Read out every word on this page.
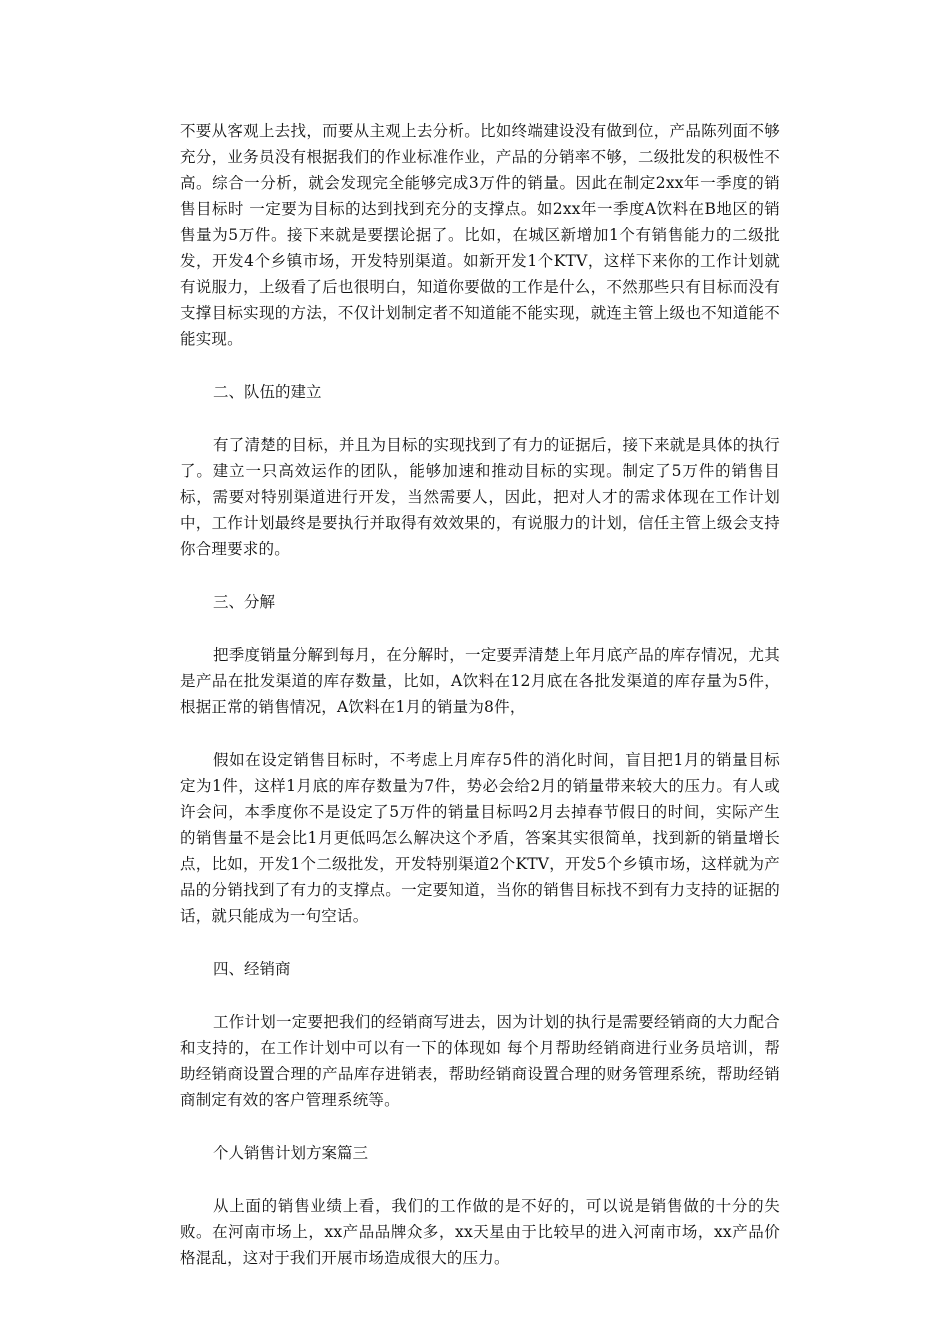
不要从客观上去找，而要从主观上去分析。比如终端建设没有做到位，产品陈列面不够充分，业务员没有根据我们的作业标准作业，产品的分销率不够，二级批发的积极性不高。综合一分析，就会发现完全能够完成3万件的销量。因此在制定2xx年一季度的销售目标时 一定要为目标的达到找到充分的支撑点。如2xx年一季度A饮料在B地区的销售量为5万件。接下来就是要摆论据了。比如，在城区新增加1个有销售能力的二级批发，开发4个乡镇市场，开发特别渠道。如新开发1个KTV，这样下来你的工作计划就有说服力，上级看了后也很明白，知道你要做的工作是什么，不然那些只有目标而没有支撑目标实现的方法，不仅计划制定者不知道能不能实现，就连主管上级也不知道能不能实现。

二、队伍的建立

有了清楚的目标，并且为目标的实现找到了有力的证据后，接下来就是具体的执行了。建立一只高效运作的团队，能够加速和推动目标的实现。制定了5万件的销售目标，需要对特别渠道进行开发，当然需要人，因此，把对人才的需求体现在工作计划中，工作计划最终是要执行并取得有效效果的，有说服力的计划，信任主管上级会支持你合理要求的。

三、分解

把季度销量分解到每月，在分解时，一定要弄清楚上年月底产品的库存情况，尤其是产品在批发渠道的库存数量，比如，A饮料在12月底在各批发渠道的库存量为5件，根据正常的销售情况，A饮料在1月的销量为8件，

假如在设定销售目标时，不考虑上月库存5件的消化时间，盲目把1月的销量目标定为1件，这样1月底的库存数量为7件，势必会给2月的销量带来较大的压力。有人或许会问，本季度你不是设定了5万件的销量目标吗2月去掉春节假日的时间，实际产生的销售量不是会比1月更低吗怎么解决这个矛盾，答案其实很简单，找到新的销量增长点，比如，开发1个二级批发，开发特别渠道2个KTV，开发5个乡镇市场，这样就为产品的分销找到了有力的支撑点。一定要知道，当你的销售目标找不到有力支持的证据的话，就只能成为一句空话。

四、经销商

工作计划一定要把我们的经销商写进去，因为计划的执行是需要经销商的大力配合和支持的，在工作计划中可以有一下的体现如 每个月帮助经销商进行业务员培训，帮助经销商设置合理的产品库存进销表，帮助经销商设置合理的财务管理系统，帮助经销商制定有效的客户管理系统等。

个人销售计划方案篇三

从上面的销售业绩上看，我们的工作做的是不好的，可以说是销售做的十分的失败。在河南市场上，xx产品品牌众多，xx天星由于比较早的进入河南市场，xx产品价格混乱，这对于我们开展市场造成很大的压力。
